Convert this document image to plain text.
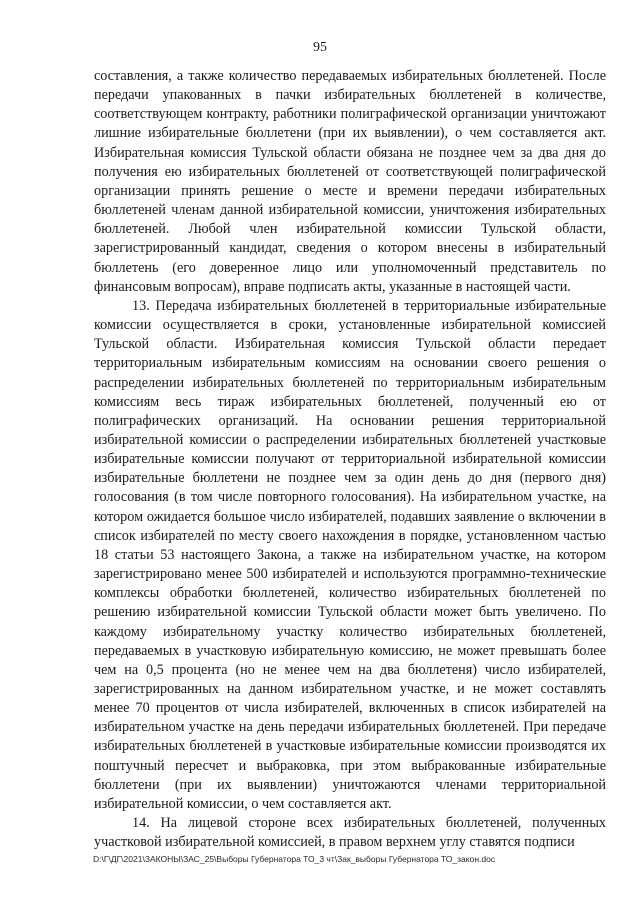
95

составления, а также количество передаваемых избирательных бюллетеней. После передачи упакованных в пачки избирательных бюллетеней в количестве, соответствующем контракту, работники полиграфической организации уничтожают лишние избирательные бюллетени (при их выявлении), о чем составляется акт. Избирательная комиссия Тульской области обязана не позднее чем за два дня до получения ею избирательных бюллетеней от соответствующей полиграфической организации принять решение о месте и времени передачи избирательных бюллетеней членам данной избирательной комиссии, уничтожения избирательных бюллетеней. Любой член избирательной комиссии Тульской области, зарегистрированный кандидат, сведения о котором внесены в избирательный бюллетень (его доверенное лицо или уполномоченный представитель по финансовым вопросам), вправе подписать акты, указанные в настоящей части.

13. Передача избирательных бюллетеней в территориальные избирательные комиссии осуществляется в сроки, установленные избирательной комиссией Тульской области. Избирательная комиссия Тульской области передает территориальным избирательным комиссиям на основании своего решения о распределении избирательных бюллетеней по территориальным избирательным комиссиям весь тираж избирательных бюллетеней, полученный ею от полиграфических организаций. На основании решения территориальной избирательной комиссии о распределении избирательных бюллетеней участковые избирательные комиссии получают от территориальной избирательной комиссии избирательные бюллетени не позднее чем за один день до дня (первого дня) голосования (в том числе повторного голосования). На избирательном участке, на котором ожидается большое число избирателей, подавших заявление о включении в список избирателей по месту своего нахождения в порядке, установленном частью 18 статьи 53 настоящего Закона, а также на избирательном участке, на котором зарегистрировано менее 500 избирателей и используются программно-технические комплексы обработки бюллетеней, количество избирательных бюллетеней по решению избирательной комиссии Тульской области может быть увеличено. По каждому избирательному участку количество избирательных бюллетеней, передаваемых в участковую избирательную комиссию, не может превышать более чем на 0,5 процента (но не менее чем на два бюллетеня) число избирателей, зарегистрированных на данном избирательном участке, и не может составлять менее 70 процентов от числа избирателей, включенных в список избирателей на избирательном участке на день передачи избирательных бюллетеней. При передаче избирательных бюллетеней в участковые избирательные комиссии производятся их поштучный пересчет и выбраковка, при этом выбракованные избирательные бюллетени (при их выявлении) уничтожаются членами территориальной избирательной комиссии, о чем составляется акт.

14. На лицевой стороне всех избирательных бюллетеней, полученных участковой избирательной комиссией, в правом верхнем углу ставятся подписи

D:\Г\ДГ\2021\ЗАКОНЫ\ЗАС_25\Выборы Губернатора ТО_3 чт\Зак_выборы Губернатора ТО_закон.doc
